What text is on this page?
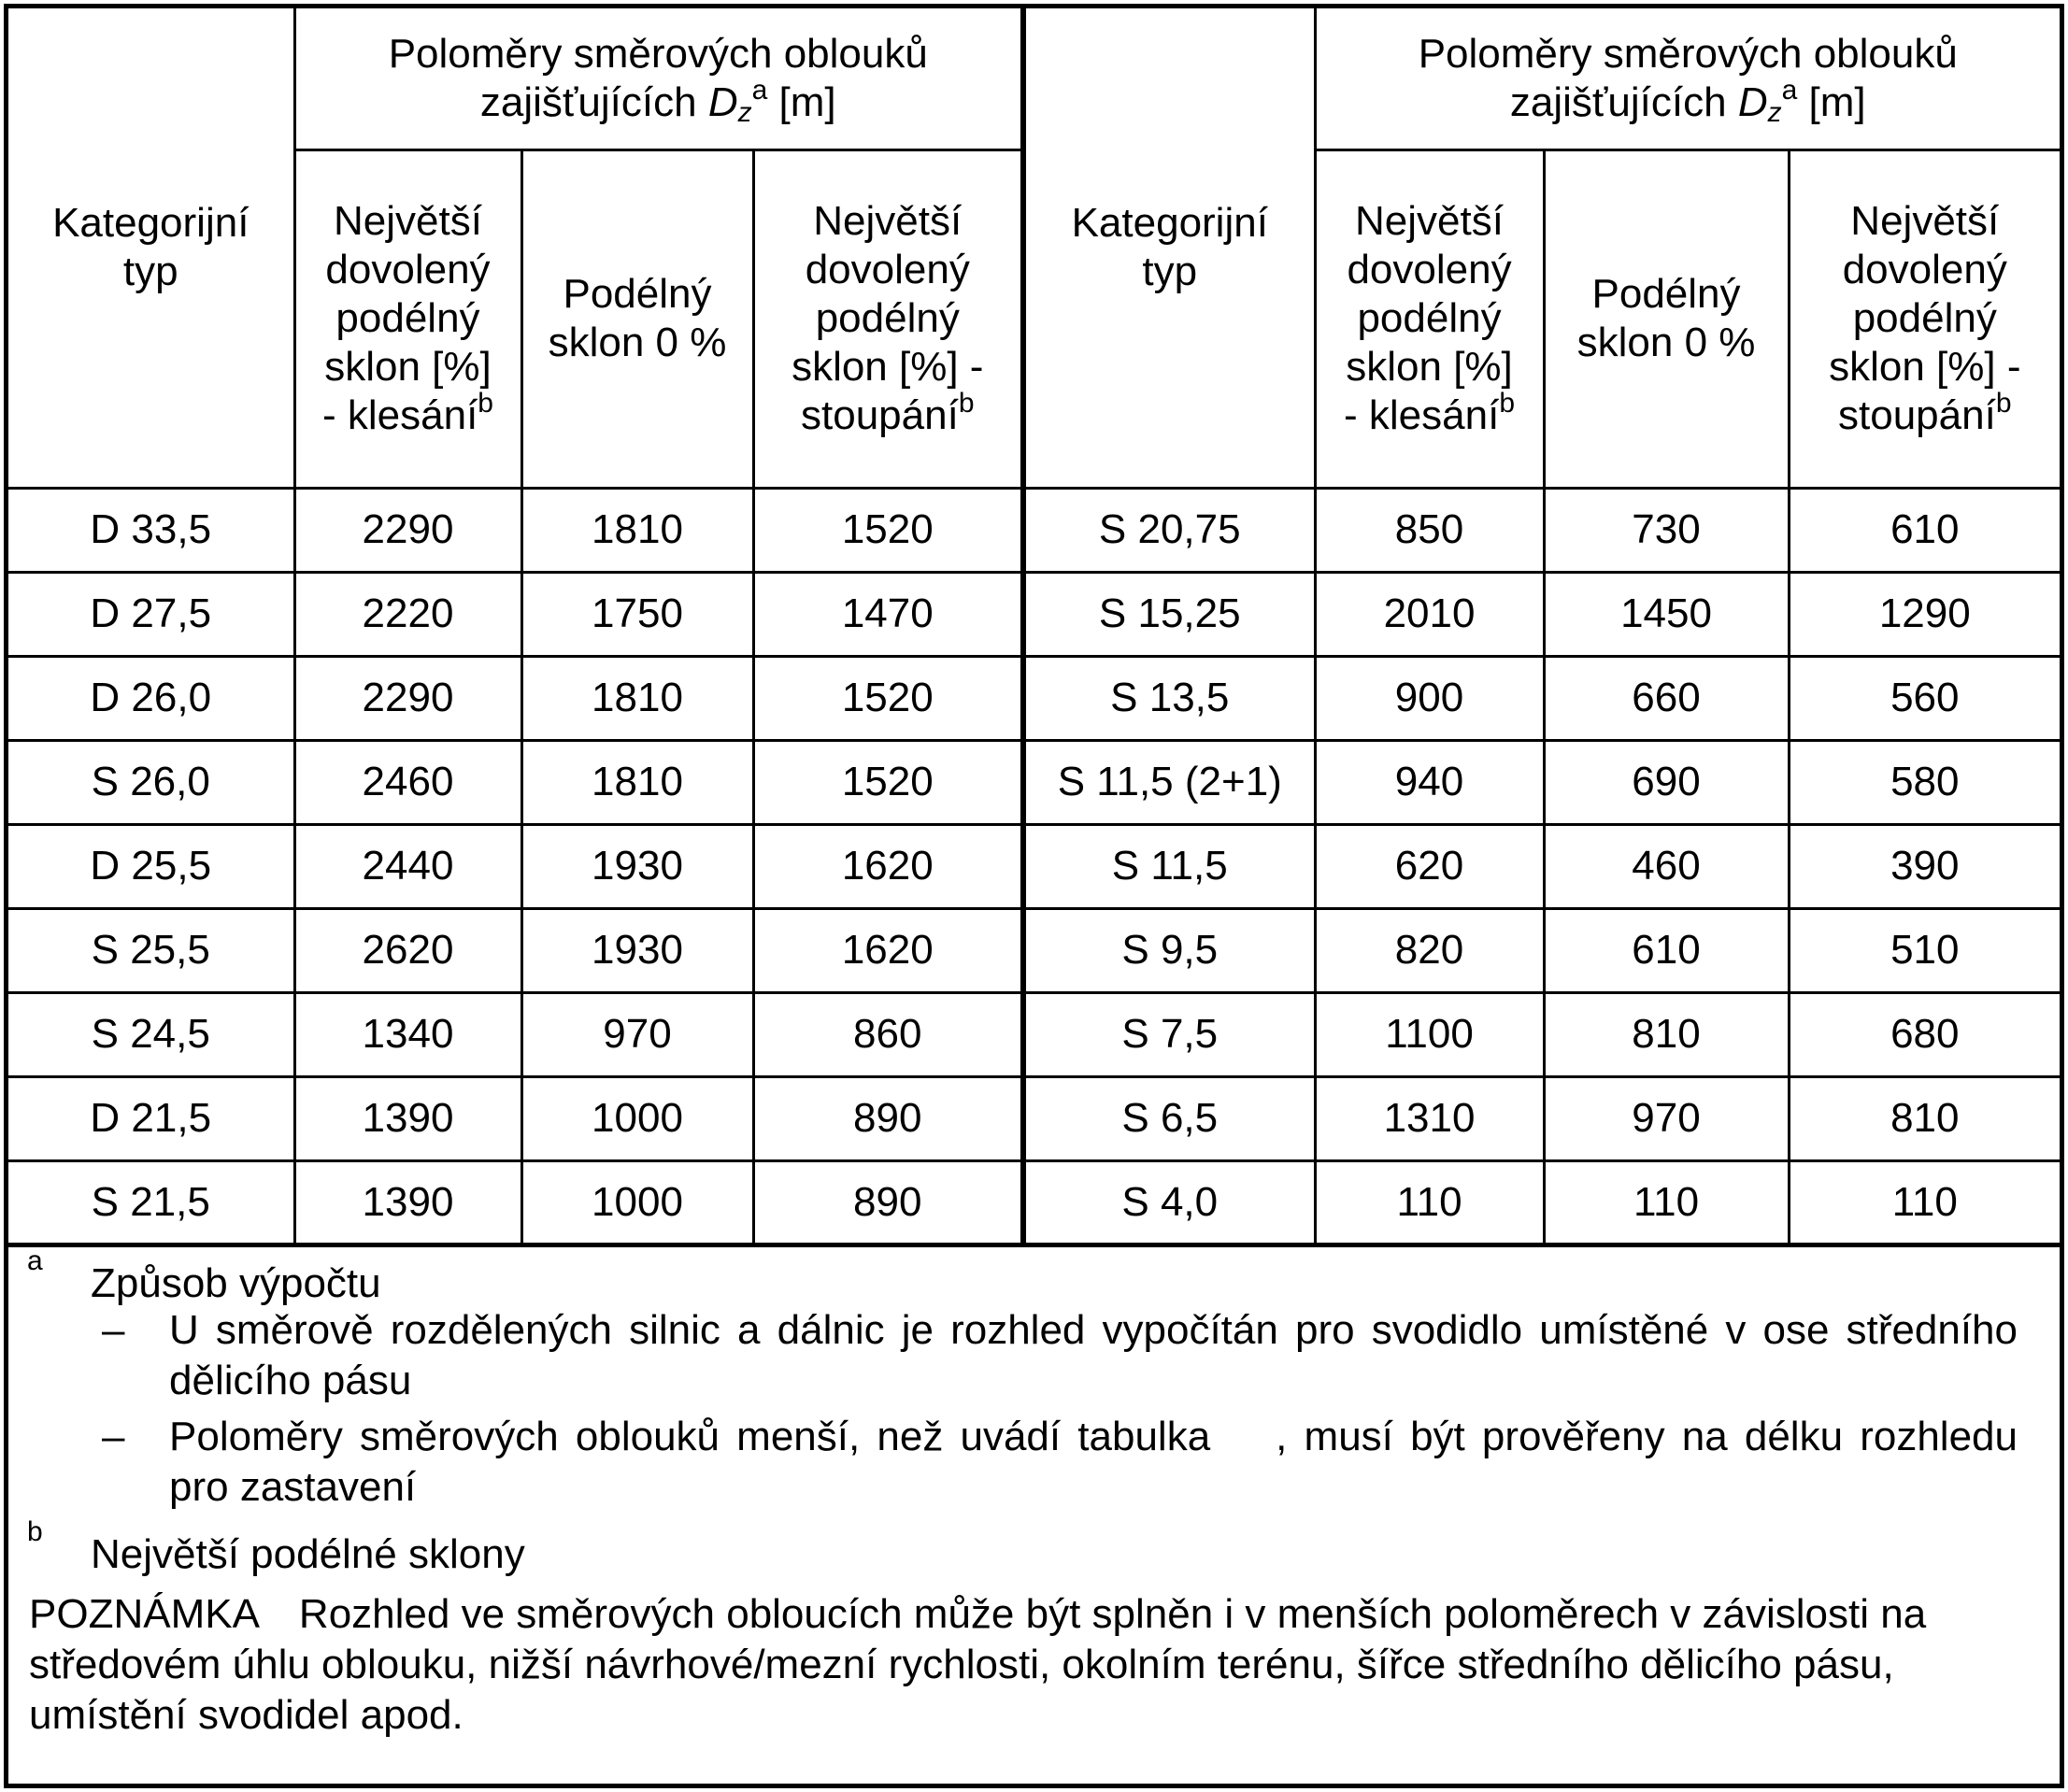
Kategorijní
typ	Poloměry směrových oblouků
zajišťujících $D_z^a$ [m]			Kategorijní
typ	Poloměry směrových oblouků
zajišťujících $D_z^a$ [m]		
	Největší
dovolený
podélný
sklon [%]
- klesání$^b$	Podélný
sklon 0 %	Největší
dovolený
podélný
sklon [%] -
stoupání$^b$		Největší
dovolený
podélný
sklon [%]
- klesání$^b$	Podélný
sklon 0 %	Největší
dovolený
podélný
sklon [%] -
stoupání$^b$
D 33,5	2290	1810	1520	S 20,75	850	730	610
D 27,5	2220	1750	1470	S 15,25	2010	1450	1290
D 26,0	2290	1810	1520	S 13,5	900	660	560
S 26,0	2460	1810	1520	S 11,5 (2+1)	940	690	580
D 25,5	2440	1930	1620	S 11,5	620	460	390
S 25,5	2620	1930	1620	S 9,5	820	610	510
S 24,5	1340	970	860	S 7,5	1100	810	680
D 21,5	1390	1000	890	S 6,5	1310	970	810
S 21,5	1390	1000	890	S 4,0	110	110	110
a Způsob výpočtu
– U směrově rozdělených silnic a dálnic je rozhled vypočítán pro svodidlo umístěné v ose středního dělicího pásu
– Poloměry směrových oblouků menší, než uvádí tabulka , musí být prověřeny na délku rozhledu pro zastavení
b Největší podélné sklony
POZNÁMKA Rozhled ve směrových obloucích může být splněn i v menších poloměrech v závislosti na středovém úhlu oblouku, nižší návrhové/mezní rychlosti, okolním terénu, šířce středního dělicího pásu, umístění svodidel apod.
